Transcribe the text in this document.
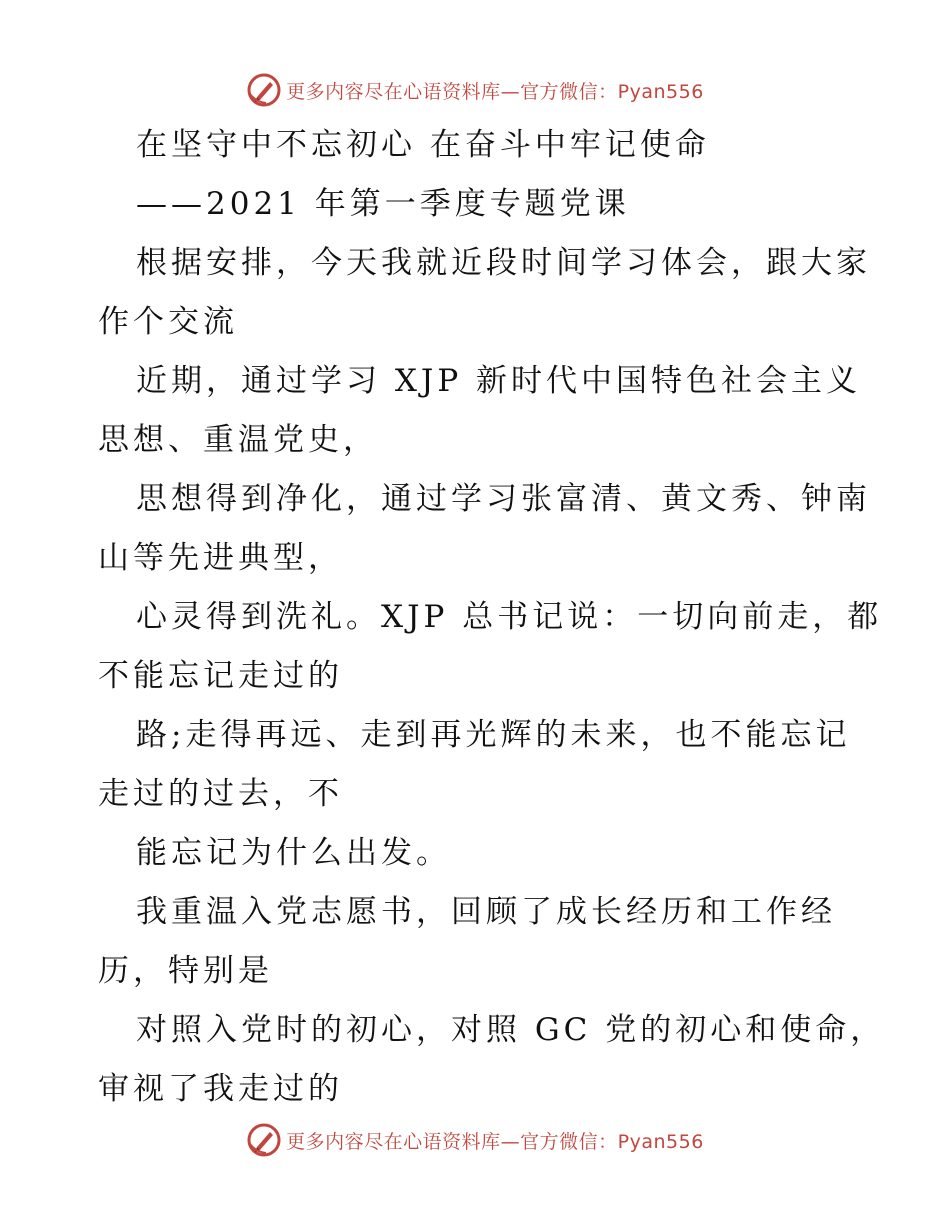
更多内容尽在心语资料库—官方微信：Pyan556
在坚守中不忘初心 在奋斗中牢记使命
——2021 年第一季度专题党课
根据安排，今天我就近段时间学习体会，跟大家
作个交流
近期，通过学习 XJP 新时代中国特色社会主义
思想、重温党史，
思想得到净化，通过学习张富清、黄文秀、钟南
山等先进典型，
心灵得到洗礼。XJP 总书记说：一切向前走，都
不能忘记走过的
路;走得再远、走到再光辉的未来，也不能忘记
走过的过去，不
能忘记为什么出发。
我重温入党志愿书，回顾了成长经历和工作经
历，特别是
对照入党时的初心，对照 GC 党的初心和使命，
审视了我走过的
更多内容尽在心语资料库—官方微信：Pyan556
